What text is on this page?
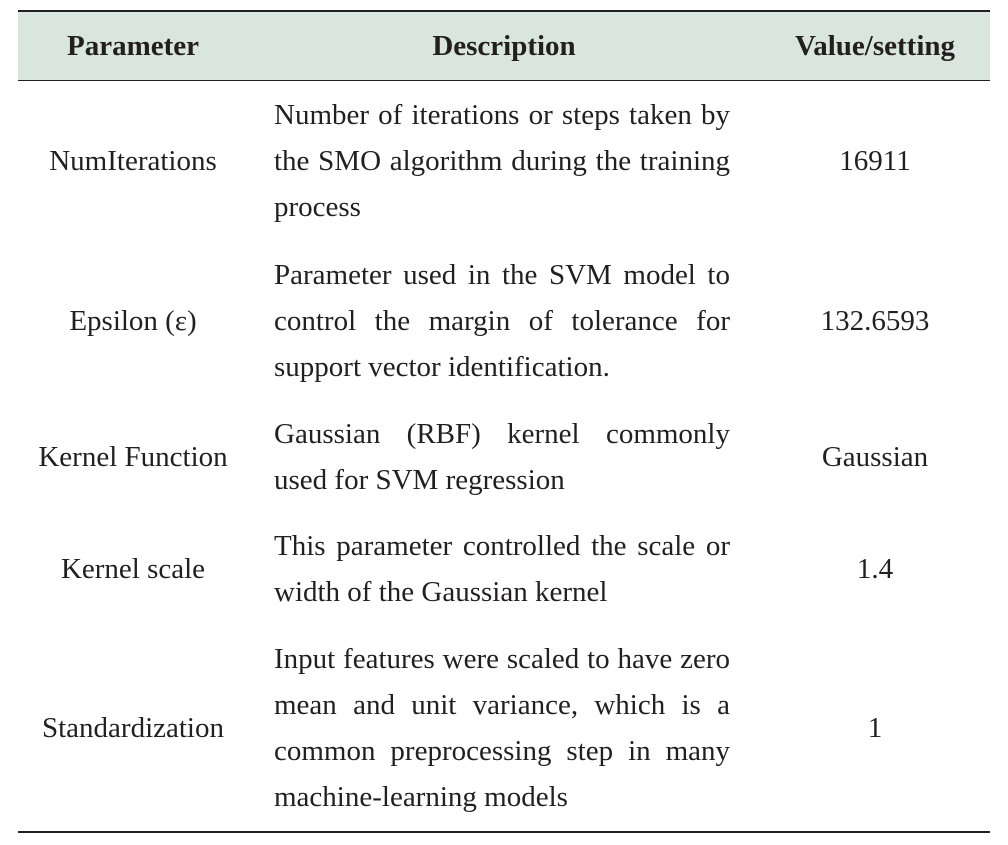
Parameter	Description	Value/setting
NumIterations	Number of iterations or steps taken by the SMO algorithm during the training process	16911
Epsilon (ε)	Parameter used in the SVM model to control the margin of tolerance for support vector identification.	132.6593
Kernel Function	Gaussian (RBF) kernel commonly used for SVM regression	Gaussian
Kernel scale	This parameter controlled the scale or width of the Gaussian kernel	1.4
Standardization	Input features were scaled to have zero mean and unit variance, which is a common preprocessing step in many machine-learning models	1
